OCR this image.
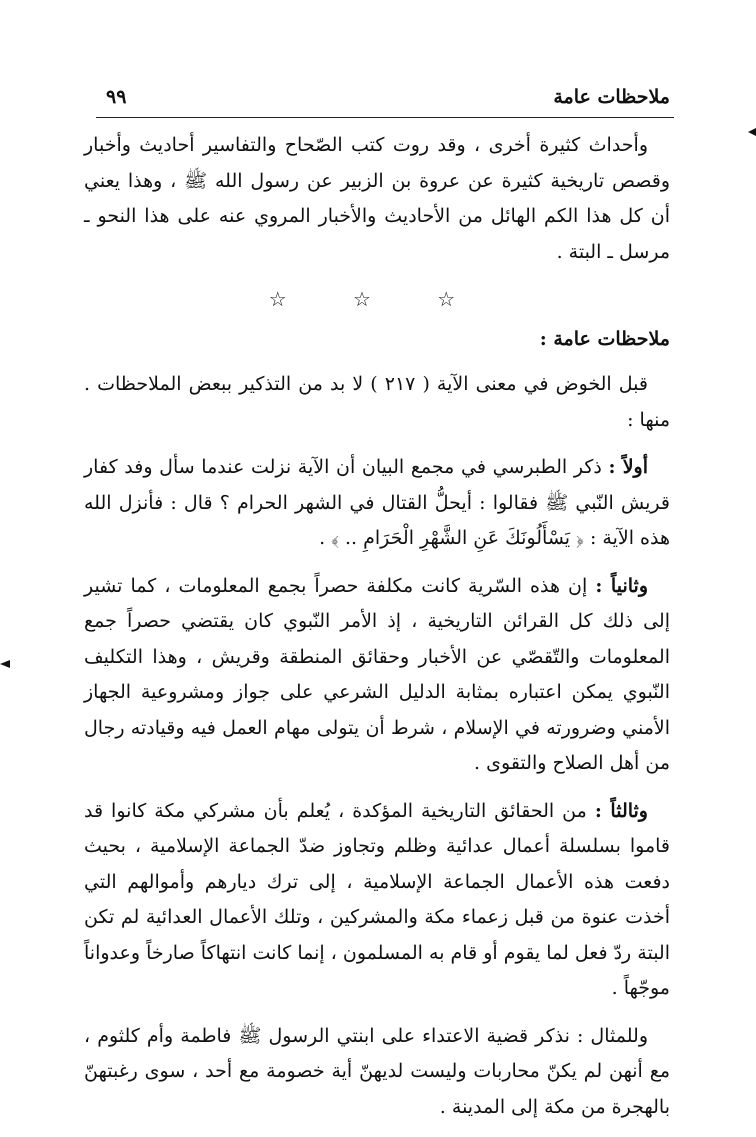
ملاحظات عامة
٩٩

وأحداث كثيرة أخرى ، وقد روت كتب الصّحاح والتفاسير أحاديث وأخبار وقصص تاريخية كثيرة عن عروة بن الزبير عن رسول الله ﷺ ، وهذا يعني أن كل هذا الكم الهائل من الأحاديث والأخبار المروي عنه على هذا النحو ـ مرسل ـ البتة .

☆ ☆ ☆

ملاحظات عامة :

قبل الخوض في معنى الآية ( ٢١٧ ) لا بد من التذكير ببعض الملاحظات . منها :

أولاً : ذكر الطبرسي في مجمع البيان أن الآية نزلت عندما سأل وفد كفار قريش النّبي ﷺ فقالوا : أيحلُّ القتال في الشهر الحرام ؟ قال : فأنزل الله هذه الآية : ﴿ يَسْأَلُونَكَ عَنِ الشَّهْرِ الْحَرَامِ .. ﴾ .

وثانياً : إن هذه السّرية كانت مكلفة حصراً بجمع المعلومات ، كما تشير إلى ذلك كل القرائن التاريخية ، إذ الأمر النّبوي كان يقتضي حصراً جمع المعلومات والتّقصّي عن الأخبار وحقائق المنطقة وقريش ، وهذا التكليف النّبوي يمكن اعتباره بمثابة الدليل الشرعي على جواز ومشروعية الجهاز الأمني وضرورته في الإسلام ، شرط أن يتولى مهام العمل فيه وقيادته رجال من أهل الصلاح والتقوى .

وثالثاً : من الحقائق التاريخية المؤكدة ، يُعلم بأن مشركي مكة كانوا قد قاموا بسلسلة أعمال عدائية وظلم وتجاوز ضدّ الجماعة الإسلامية ، بحيث دفعت هذه الأعمال الجماعة الإسلامية ، إلى ترك ديارهم وأموالهم التي أخذت عنوة من قبل زعماء مكة والمشركين ، وتلك الأعمال العدائية لم تكن البتة ردّ فعل لما يقوم أو قام به المسلمون ، إنما كانت انتهاكاً صارخاً وعدواناً موجّهاً .

وللمثال : نذكر قضية الاعتداء على ابنتي الرسول ﷺ فاطمة وأم كلثوم ، مع أنهن لم يكنّ محاربات وليست لديهنّ أية خصومة مع أحد ، سوى رغبتهنّ بالهجرة من مكة إلى المدينة .
